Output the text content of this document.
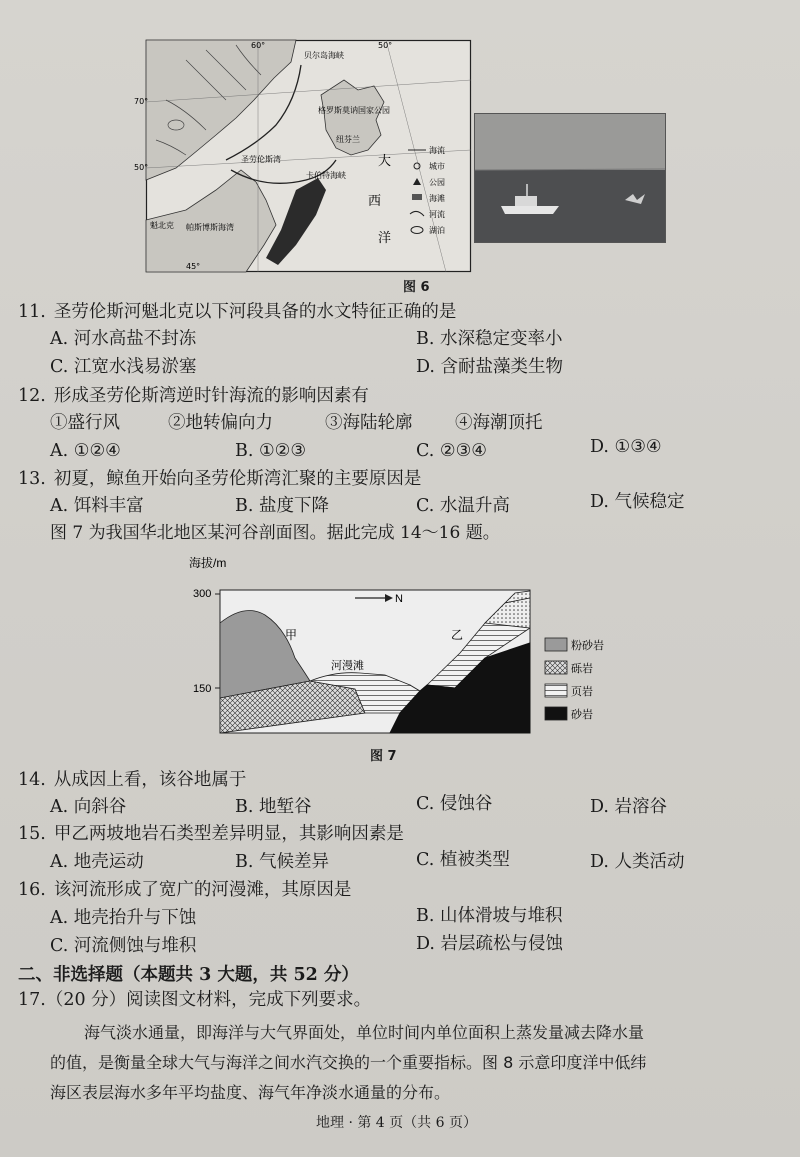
70°
50°
60°	50°
45°
贝尔岛海峡
魁北克 帕斯博斯海湾
圣劳伦斯湾
卡伯特海峡
纽芬兰
格罗斯莫讷国家公园
大
西
洋
海流
城市
公园
海滩
河流
湖泊
图 6
11. 圣劳伦斯河魁北克以下河段具备的水文特征正确的是
A. 河水高盐不封冻	B. 水深稳定变率小
C. 江宽水浅易淤塞	D. 含耐盐藻类生物
12. 形成圣劳伦斯湾逆时针海流的影响因素有
①盛行风	②地转偏向力	③海陆轮廓 ④海潮顶托
A. ①②④	B. ①②③	C. ②③④	D. ①③④
13. 初夏，鲸鱼开始向圣劳伦斯湾汇聚的主要原因是
A. 饵料丰富	B. 盐度下降	C. 水温升高	D. 气候稳定
图 7 为我国华北地区某河谷剖面图。据此完成 14～16 题。
海拔/m
300
150
N
甲	乙
河漫滩
粉砂岩
砾岩
页岩
砂岩
图 7
14. 从成因上看，该谷地属于
A. 向斜谷	B. 地堑谷	C. 侵蚀谷	D. 岩溶谷
15. 甲乙两坡地岩石类型差异明显，其影响因素是
A. 地壳运动	B. 气候差异	C. 植被类型	D. 人类活动
16. 该河流形成了宽广的河漫滩，其原因是
A. 地壳抬升与下蚀	B. 山体滑坡与堆积
C. 河流侧蚀与堆积	D. 岩层疏松与侵蚀
二、非选择题（本题共 3 大题，共 52 分）
17.（20 分）阅读图文材料，完成下列要求。
海气淡水通量，即海洋与大气界面处，单位时间内单位面积上蒸发量减去降水量
的值，是衡量全球大气与海洋之间水汽交换的一个重要指标。图 8 示意印度洋中低纬
海区表层海水多年平均盐度、海气年净淡水通量的分布。
地理 · 第 4 页（共 6 页）
